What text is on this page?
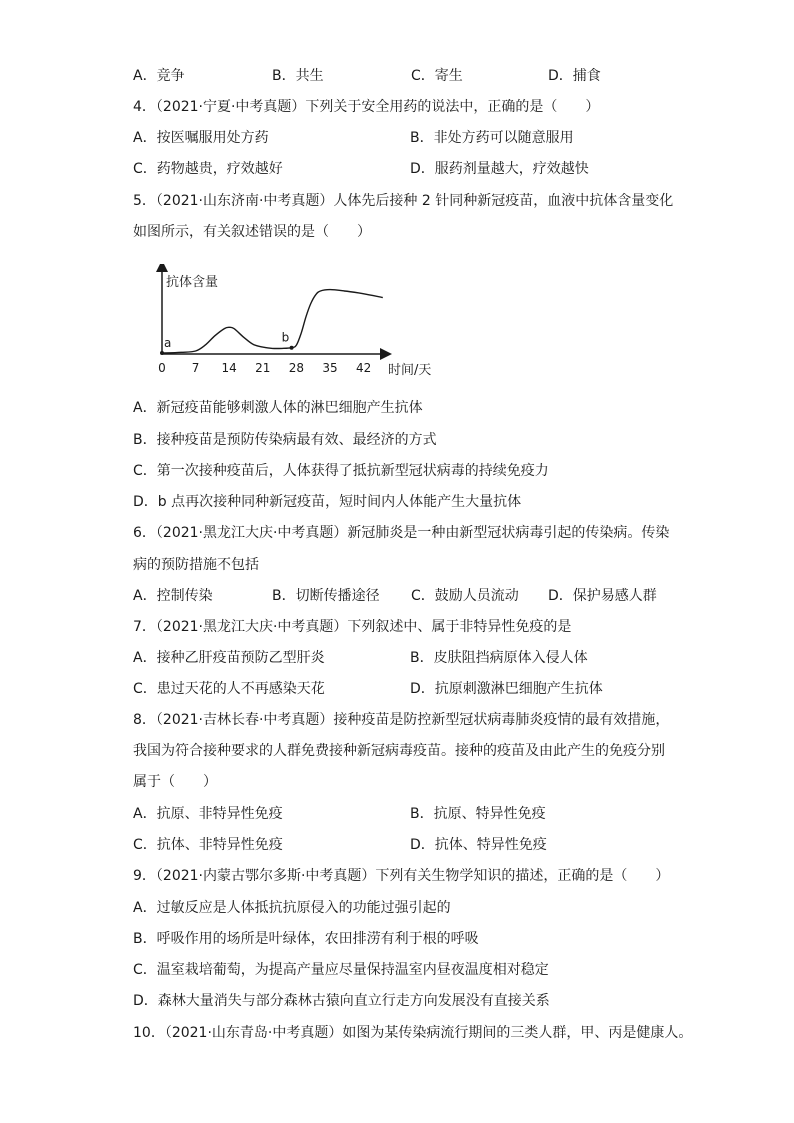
A．竞争	B．共生	C．寄生	D．捕食
4．（2021·宁夏·中考真题）下列关于安全用药的说法中，正确的是（　　）
A．按医嘱服用处方药	B．非处方药可以随意服用
C．药物越贵，疗效越好	D．服药剂量越大，疗效越快
5．（2021·山东济南·中考真题）人体先后接种 2 针同种新冠疫苗，血液中抗体含量变化
如图所示，有关叙述错误的是（　　）
抗体含量
时间/天
0 7 14 21 28 35 42
a	b
A．新冠疫苗能够刺激人体的淋巴细胞产生抗体
B．接种疫苗是预防传染病最有效、最经济的方式
C．第一次接种疫苗后，人体获得了抵抗新型冠状病毒的持续免疫力
D．b 点再次接种同种新冠疫苗，短时间内人体能产生大量抗体
6．（2021·黑龙江大庆·中考真题）新冠肺炎是一种由新型冠状病毒引起的传染病。传染
病的预防措施不包括
A．控制传染	B．切断传播途径 C．鼓励人员流动 D．保护易感人群
7．（2021·黑龙江大庆·中考真题）下列叙述中、属于非特异性免疫的是
A．接种乙肝疫苗预防乙型肝炎	B．皮肤阻挡病原体入侵人体
C．患过天花的人不再感染天花	D．抗原刺激淋巴细胞产生抗体
8．（2021·吉林长春·中考真题）接种疫苗是防控新型冠状病毒肺炎疫情的最有效措施，
我国为符合接种要求的人群免费接种新冠病毒疫苗。接种的疫苗及由此产生的免疫分别
属于（　　）
A．抗原、非特异性免疫	B．抗原、特异性免疫
C．抗体、非特异性免疫	D．抗体、特异性免疫
9．（2021·内蒙古鄂尔多斯·中考真题）下列有关生物学知识的描述，正确的是（　　）
A．过敏反应是人体抵抗抗原侵入的功能过强引起的
B．呼吸作用的场所是叶绿体，农田排涝有利于根的呼吸
C．温室栽培葡萄，为提高产量应尽量保持温室内昼夜温度相对稳定
D．森林大量消失与部分森林古猿向直立行走方向发展没有直接关系
10．（2021·山东青岛·中考真题）如图为某传染病流行期间的三类人群，甲、丙是健康人。
